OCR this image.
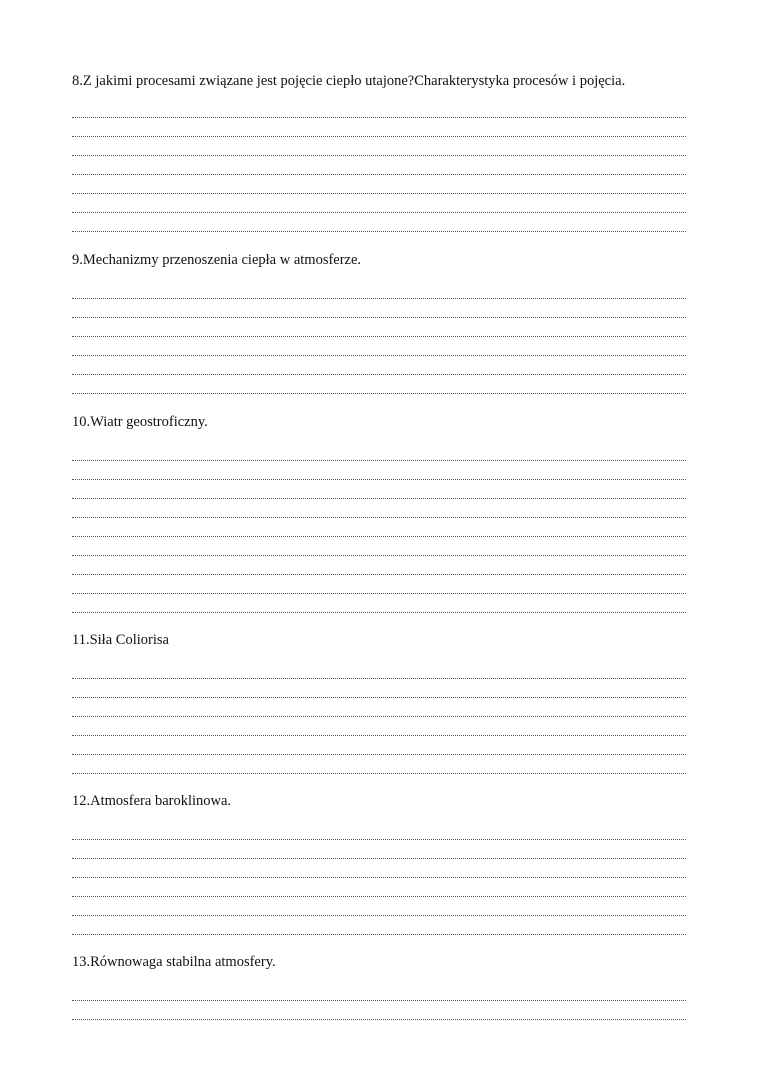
8.Z jakimi procesami związane jest pojęcie ciepło utajone?Charakterystyka procesów i pojęcia.

9.Mechanizmy przenoszenia ciepła w atmosferze.

10.Wiatr geostroficzny.

11.Siła Coliorisa

12.Atmosfera baroklinowa.

13.Równowaga stabilna atmosfery.
